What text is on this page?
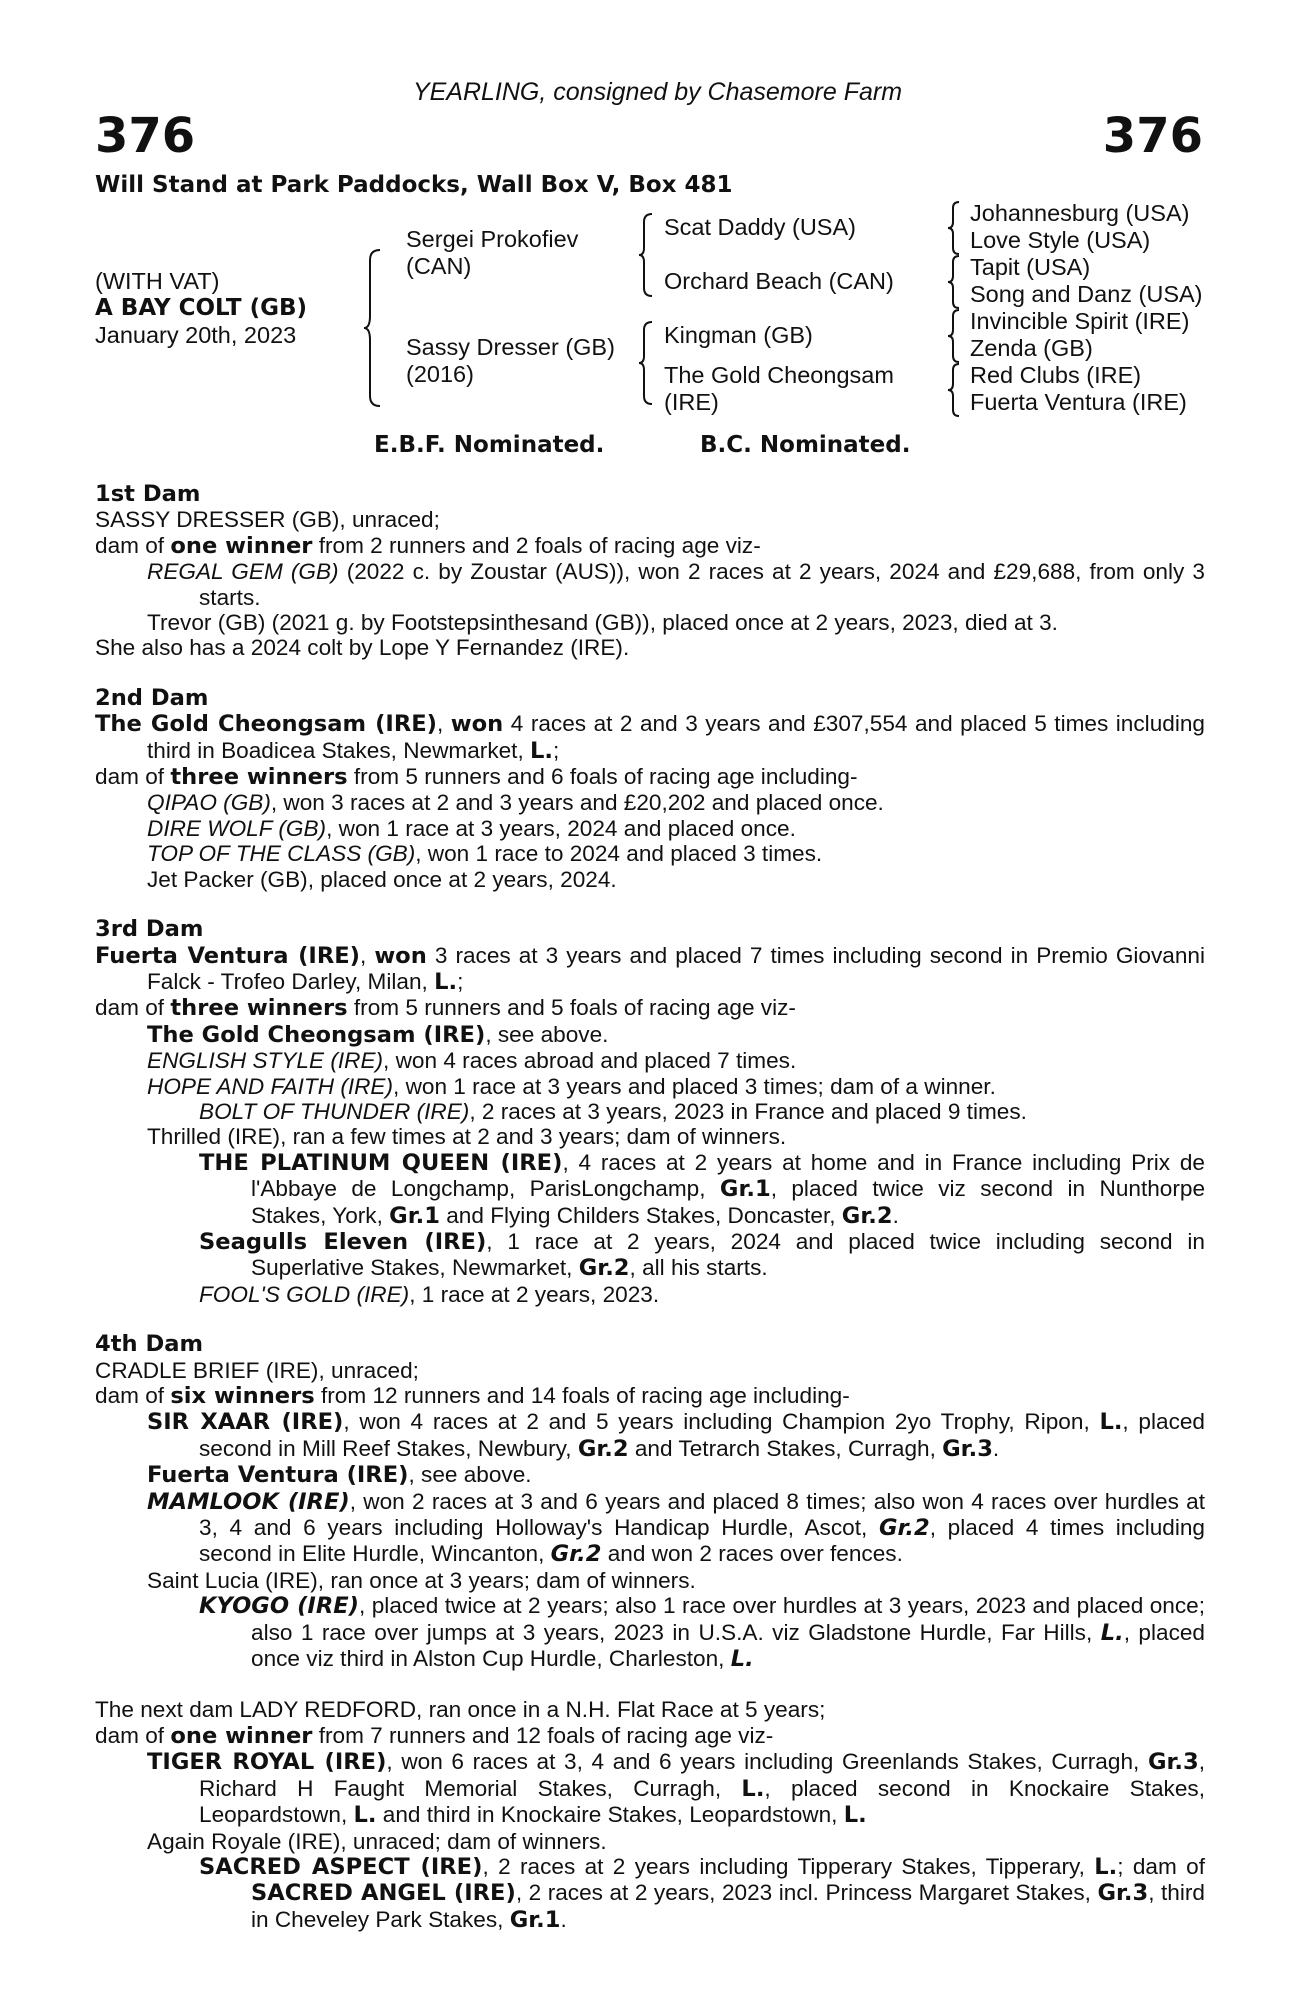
YEARLING, consigned by Chasemore Farm
376	376
Will Stand at Park Paddocks, Wall Box V, Box 481
(WITH VAT)
A BAY COLT (GB)
January 20th, 2023
Sergei Prokofiev
(CAN)
Sassy Dresser (GB)
(2016)
Scat Daddy (USA)
Orchard Beach (CAN)
Kingman (GB)
The Gold Cheongsam
(IRE)
Johannesburg (USA)
Love Style (USA)
Tapit (USA)
Song and Danz (USA)
Invincible Spirit (IRE)
Zenda (GB)
Red Clubs (IRE)
Fuerta Ventura (IRE)
E.B.F. Nominated.	B.C. Nominated.

1st Dam

SASSY DRESSER (GB), unraced;

dam of one winner from 2 runners and 2 foals of racing age viz-

REGAL GEM (GB) (2022 c. by Zoustar (AUS)), won 2 races at 2 years, 2024 and £29,688, from only 3 starts.

Trevor (GB) (2021 g. by Footstepsinthesand (GB)), placed once at 2 years, 2023, died at 3.

She also has a 2024 colt by Lope Y Fernandez (IRE).

2nd Dam

The Gold Cheongsam (IRE), won 4 races at 2 and 3 years and £307,554 and placed 5 times including third in Boadicea Stakes, Newmarket, L.;

dam of three winners from 5 runners and 6 foals of racing age including-

QIPAO (GB), won 3 races at 2 and 3 years and £20,202 and placed once.

DIRE WOLF (GB), won 1 race at 3 years, 2024 and placed once.

TOP OF THE CLASS (GB), won 1 race to 2024 and placed 3 times.

Jet Packer (GB), placed once at 2 years, 2024.

3rd Dam

Fuerta Ventura (IRE), won 3 races at 3 years and placed 7 times including second in Premio Giovanni Falck - Trofeo Darley, Milan, L.;

dam of three winners from 5 runners and 5 foals of racing age viz-

The Gold Cheongsam (IRE), see above.

ENGLISH STYLE (IRE), won 4 races abroad and placed 7 times.

HOPE AND FAITH (IRE), won 1 race at 3 years and placed 3 times; dam of a winner.

BOLT OF THUNDER (IRE), 2 races at 3 years, 2023 in France and placed 9 times.

Thrilled (IRE), ran a few times at 2 and 3 years; dam of winners.

THE PLATINUM QUEEN (IRE), 4 races at 2 years at home and in France including Prix de l'Abbaye de Longchamp, ParisLongchamp, Gr.1, placed twice viz second in Nunthorpe Stakes, York, Gr.1 and Flying Childers Stakes, Doncaster, Gr.2.

Seagulls Eleven (IRE), 1 race at 2 years, 2024 and placed twice including second in Superlative Stakes, Newmarket, Gr.2, all his starts.

FOOL'S GOLD (IRE), 1 race at 2 years, 2023.

4th Dam

CRADLE BRIEF (IRE), unraced;

dam of six winners from 12 runners and 14 foals of racing age including-

SIR XAAR (IRE), won 4 races at 2 and 5 years including Champion 2yo Trophy, Ripon, L., placed second in Mill Reef Stakes, Newbury, Gr.2 and Tetrarch Stakes, Curragh, Gr.3.

Fuerta Ventura (IRE), see above.

MAMLOOK (IRE), won 2 races at 3 and 6 years and placed 8 times; also won 4 races over hurdles at 3, 4 and 6 years including Holloway's Handicap Hurdle, Ascot, Gr.2, placed 4 times including second in Elite Hurdle, Wincanton, Gr.2 and won 2 races over fences.

Saint Lucia (IRE), ran once at 3 years; dam of winners.

KYOGO (IRE), placed twice at 2 years; also 1 race over hurdles at 3 years, 2023 and placed once; also 1 race over jumps at 3 years, 2023 in U.S.A. viz Gladstone Hurdle, Far Hills, L., placed once viz third in Alston Cup Hurdle, Charleston, L.

The next dam LADY REDFORD, ran once in a N.H. Flat Race at 5 years;

dam of one winner from 7 runners and 12 foals of racing age viz-

TIGER ROYAL (IRE), won 6 races at 3, 4 and 6 years including Greenlands Stakes, Curragh, Gr.3, Richard H Faught Memorial Stakes, Curragh, L., placed second in Knockaire Stakes, Leopardstown, L. and third in Knockaire Stakes, Leopardstown, L.

Again Royale (IRE), unraced; dam of winners.

SACRED ASPECT (IRE), 2 races at 2 years including Tipperary Stakes, Tipperary, L.; dam of SACRED ANGEL (IRE), 2 races at 2 years, 2023 incl. Princess Margaret Stakes, Gr.3, third in Cheveley Park Stakes, Gr.1.
